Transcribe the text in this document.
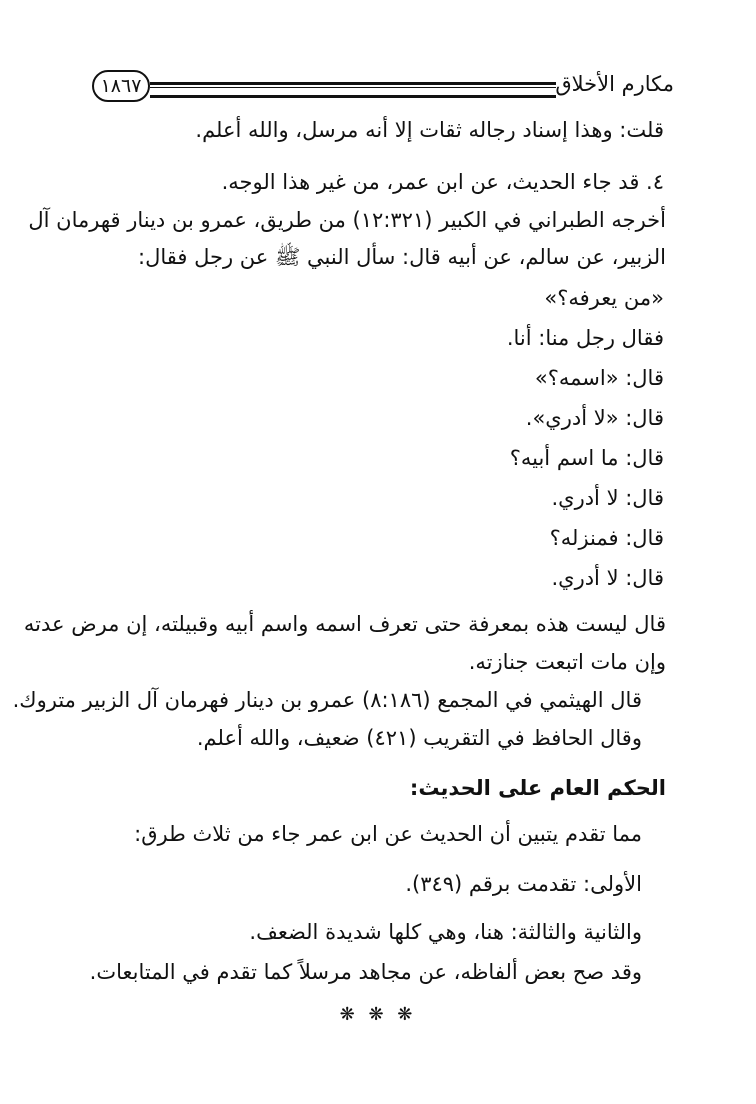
١٨٦٧	مكارم الأخلاق
قلت: وهذا إسناد رجاله ثقات إلا أنه مرسل، والله أعلم.
٤. قد جاء الحديث، عن ابن عمر، من غير هذا الوجه.
أخرجه الطبراني في الكبير (١٢:٣٢١) من طريق، عمرو بن دينار قهرمان آل
الزبير، عن سالم، عن أبيه قال: سأل النبي ﷺ عن رجل فقال:
«من يعرفه؟»
فقال رجل منا: أنا.
قال: «اسمه؟»
قال: «لا أدري».
قال: ما اسم أبيه؟
قال: لا أدري.
قال: فمنزله؟
قال: لا أدري.
قال ليست هذه بمعرفة حتى تعرف اسمه واسم أبيه وقبيلته، إن مرض عدته
وإن مات اتبعت جنازته.
قال الهيثمي في المجمع (٨:١٨٦) عمرو بن دينار فهرمان آل الزبير متروك.
وقال الحافظ في التقريب (٤٢١) ضعيف، والله أعلم.
الحكم العام على الحديث:
مما تقدم يتبين أن الحديث عن ابن عمر جاء من ثلاث طرق:
الأولى: تقدمت برقم (٣٤٩).
والثانية والثالثة: هنا، وهي كلها شديدة الضعف.
وقد صح بعض ألفاظه، عن مجاهد مرسلاً كما تقدم في المتابعات.
❋ ❋ ❋
